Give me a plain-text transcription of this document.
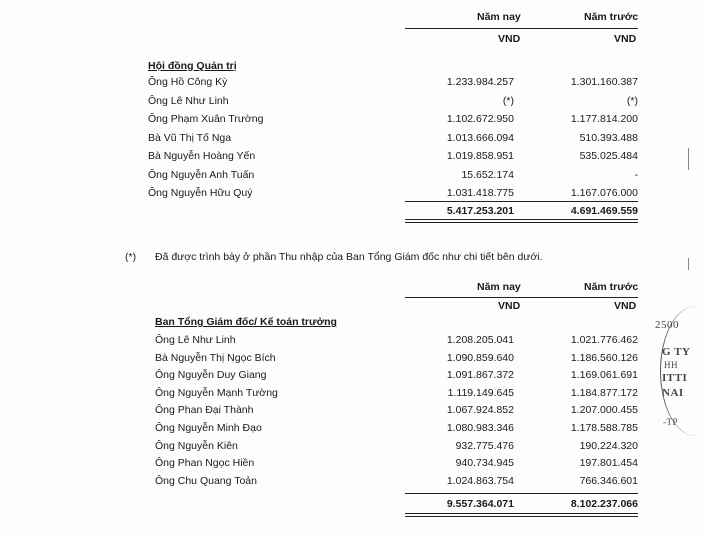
Năm nay	Năm trước
VND	VND
Hội đồng Quản trị
Ông Hồ Công Kỳ	1.233.984.257	1.301.160.387
Ông Lê Như Linh	(*)	(*)
Ông Phạm Xuân Trường	1.102.672.950	1.177.814.200
Bà Vũ Thị Tố Nga	1.013.666.094	510.393.488
Bà Nguyễn Hoàng Yến	1.019.858.951	535.025.484
Ông Nguyễn Anh Tuấn	15.652.174	-
Ông Nguyễn Hữu Quý	1.031.418.775	1.167.076.000
5.417.253.201	4.691.469.559
(*) Đã được trình bày ở phần Thu nhập của Ban Tổng Giám đốc như chi tiết bên dưới.
Năm nay	Năm trước
VND	VND
Ban Tổng Giám đốc/ Kế toán trưởng
Ông Lê Như Linh	1.208.205.041	1.021.776.462
Bà Nguyễn Thị Ngọc Bích	1.090.859.640	1.186.560.126
Ông Nguyễn Duy Giang	1.091.867.372	1.169.061.691
Ông Nguyễn Mạnh Tường	1.119.149.645	1.184.877.172
Ông Phan Đại Thành	1.067.924.852	1.207.000.455
Ông Nguyễn Minh Đạo	1.080.983.346	1.178.588.785
Ông Nguyễn Kiên	932.775.476	190.224.320
Ông Phan Ngọc Hiền	940.734.945	197.801.454
Ông Chu Quang Toản	1.024.863.754	766.346.601
9.557.364.071	8.102.237.066
2500
G TY
HH
ITTI
NAI
-TP
